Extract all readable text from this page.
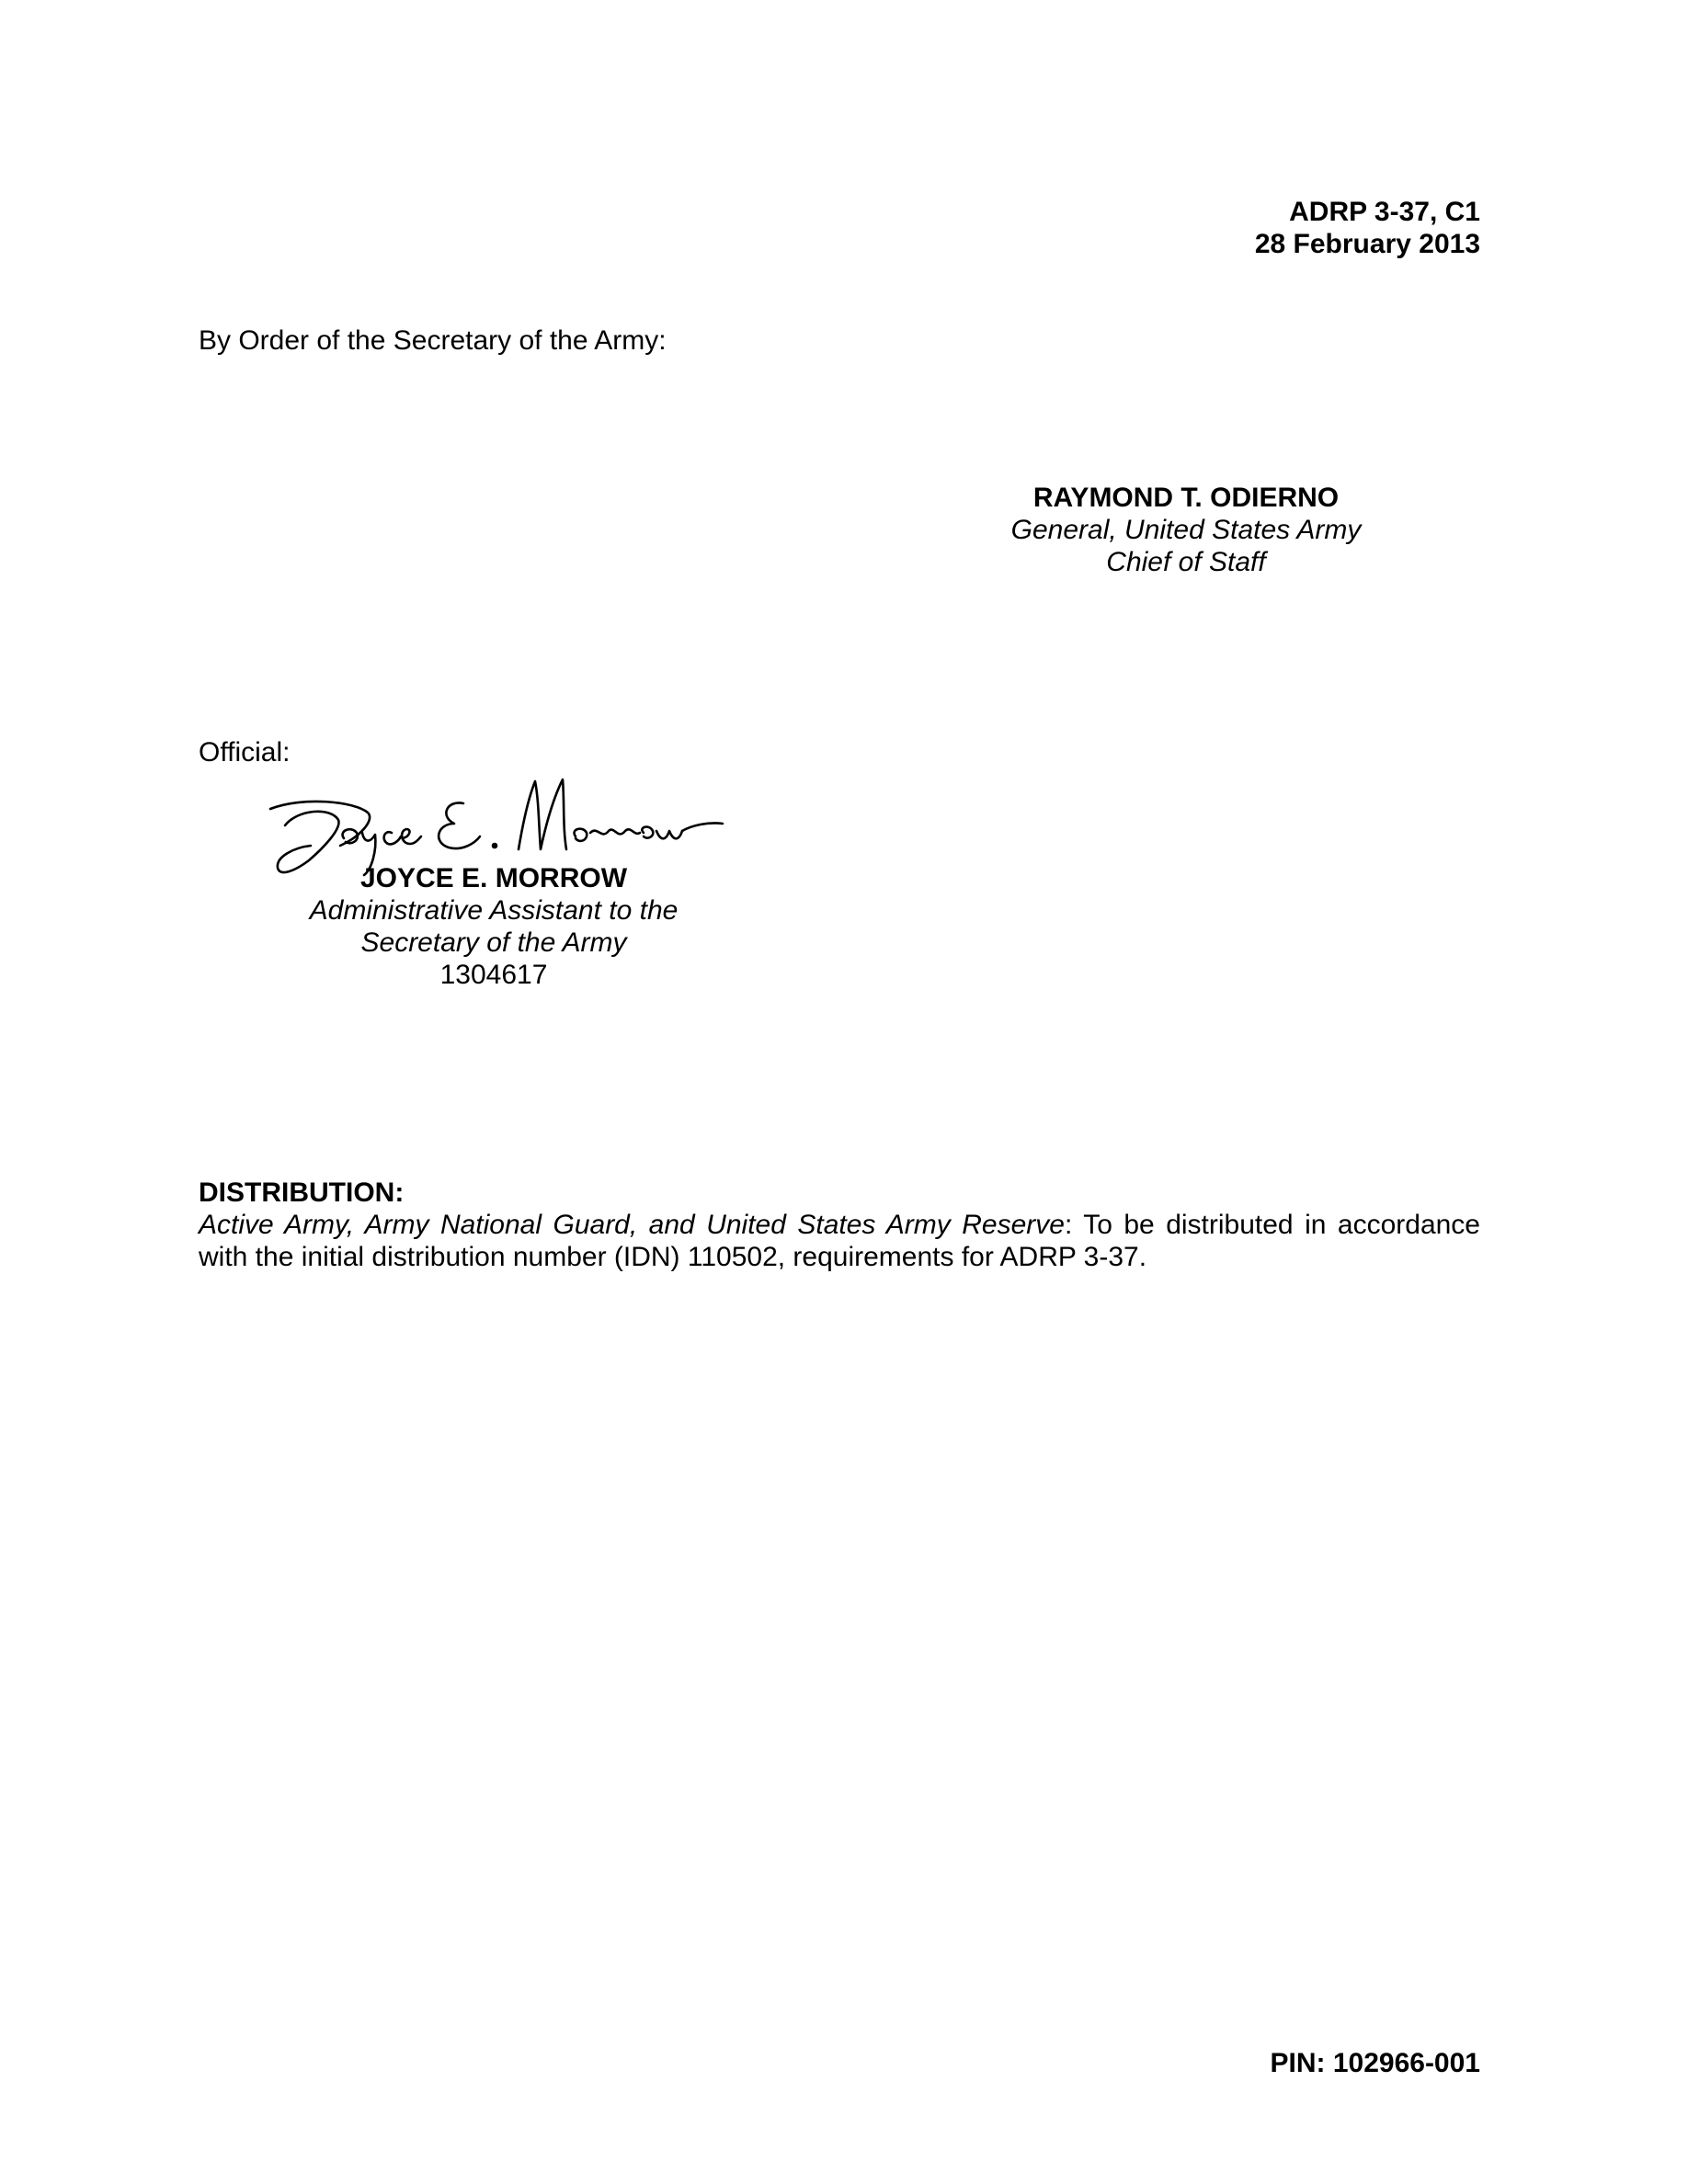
ADRP 3-37, C1
28 February 2013
By Order of the Secretary of the Army:
RAYMOND T. ODIERNO
General, United States Army
Chief of Staff
Official:
JOYCE E. MORROW
Administrative Assistant to the
Secretary of the Army
1304617
DISTRIBUTION:
Active Army, Army National Guard, and United States Army Reserve: To be distributed in accordance with the initial distribution number (IDN) 110502, requirements for ADRP 3-37.
PIN: 102966-001
